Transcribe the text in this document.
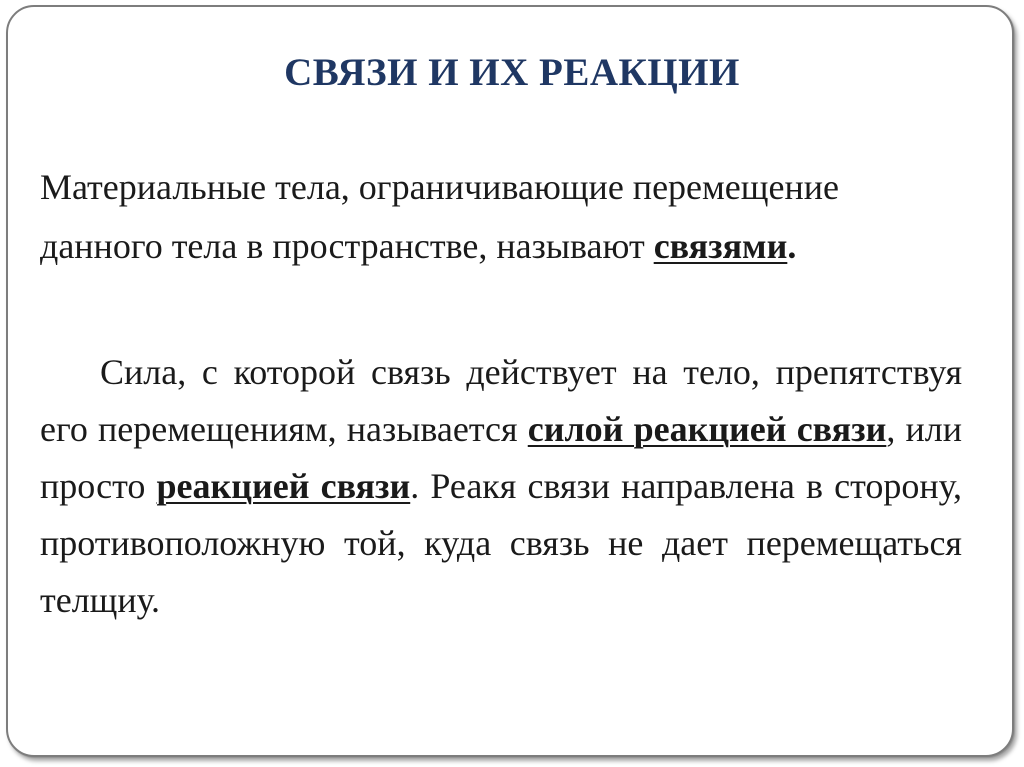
СВЯЗИ И ИХ РЕАКЦИИ

Материальные тела, ограничивающие перемещение данного тела в пространстве, называют связями.

Сила, с которой связь действует на тело, препятствуя его перемещениям, называется силой реакцией связи, или просто реакцией связи. Реакя связи направлена в сторону, противоположную той, куда связь не дает перемещаться телщиу.
